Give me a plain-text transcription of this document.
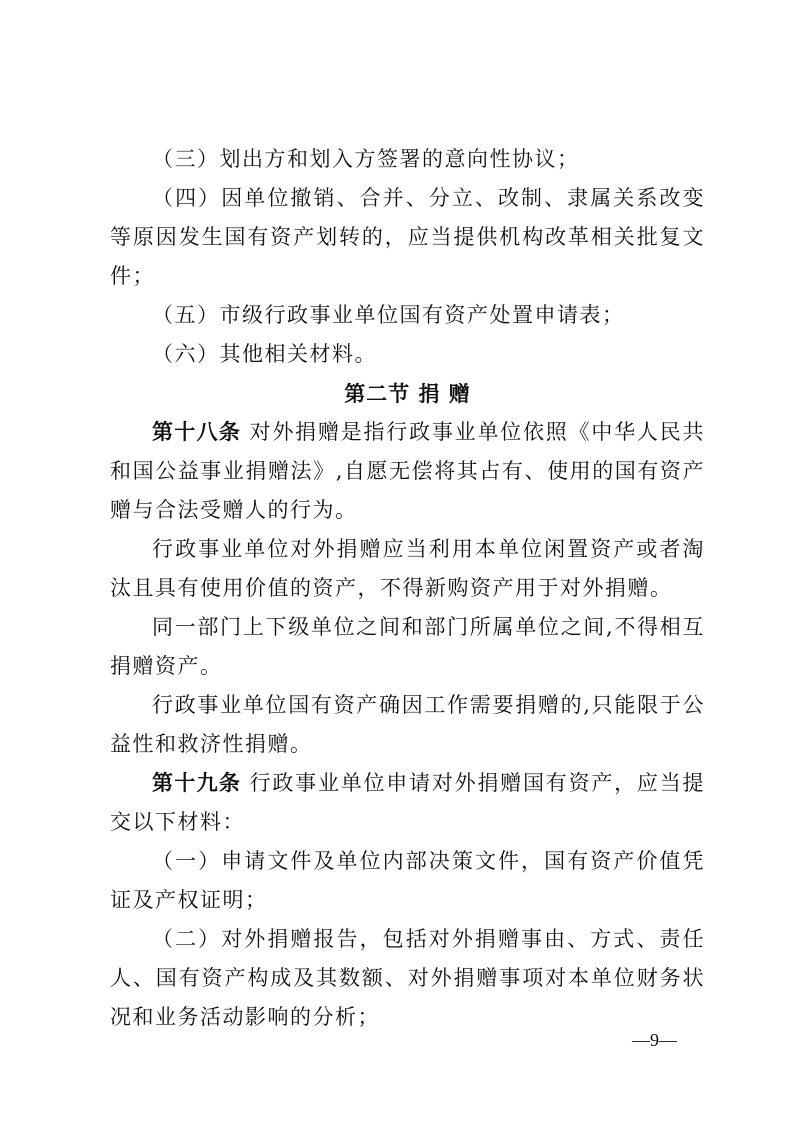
（三）划出方和划入方签署的意向性协议；

（四）因单位撤销、合并、分立、改制、隶属关系改变等原因发生国有资产划转的，应当提供机构改革相关批复文件；

（五）市级行政事业单位国有资产处置申请表；

（六）其他相关材料。

第二节 捐 赠

第十八条 对外捐赠是指行政事业单位依照《中华人民共和国公益事业捐赠法》,自愿无偿将其占有、使用的国有资产赠与合法受赠人的行为。

行政事业单位对外捐赠应当利用本单位闲置资产或者淘汰且具有使用价值的资产，不得新购资产用于对外捐赠。

同一部门上下级单位之间和部门所属单位之间,不得相互捐赠资产。

行政事业单位国有资产确因工作需要捐赠的,只能限于公益性和救济性捐赠。

第十九条 行政事业单位申请对外捐赠国有资产，应当提交以下材料：

（一）申请文件及单位内部决策文件，国有资产价值凭证及产权证明；

（二）对外捐赠报告，包括对外捐赠事由、方式、责任人、国有资产构成及其数额、对外捐赠事项对本单位财务状况和业务活动影响的分析；

—9—
